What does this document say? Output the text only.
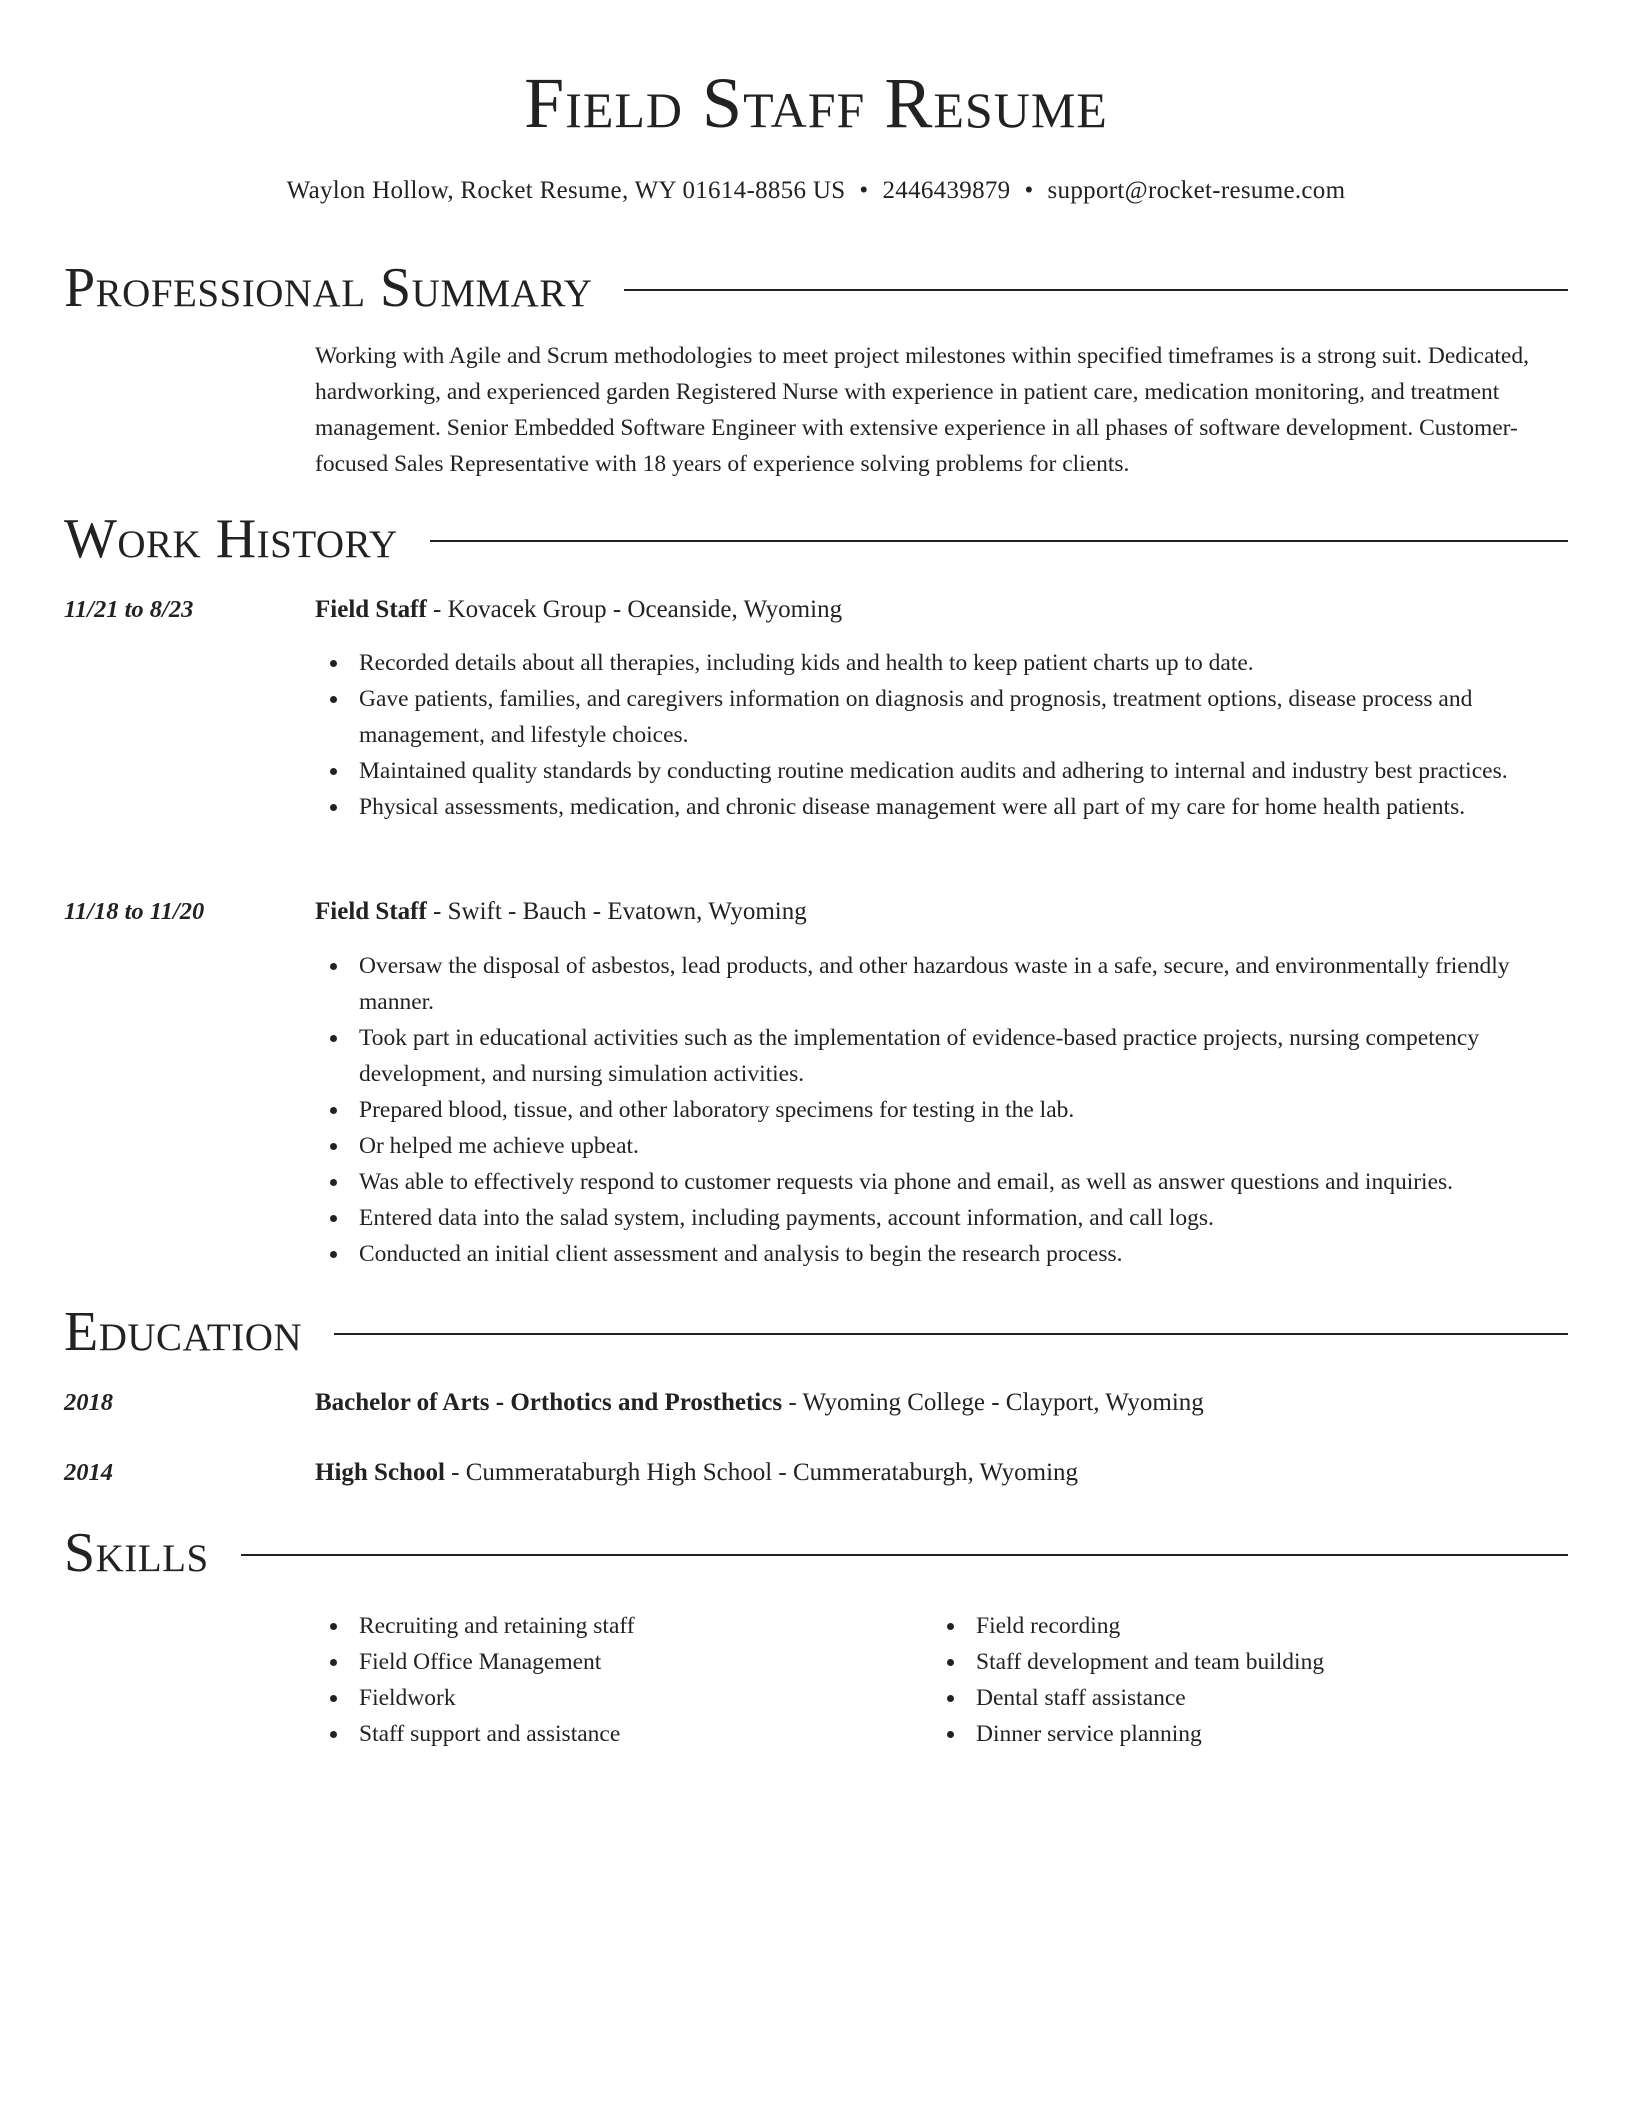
Field Staff Resume
Waylon Hollow, Rocket Resume, WY 01614-8856 US • 2446439879 • support@rocket-resume.com
Professional Summary

Working with Agile and Scrum methodologies to meet project milestones within specified timeframes is a strong suit. Dedicated, hardworking, and experienced garden Registered Nurse with experience in patient care, medication monitoring, and treatment management. Senior Embedded Software Engineer with extensive experience in all phases of software development. Customer-focused Sales Representative with 18 years of experience solving problems for clients.

Work History
11/21 to 8/23	Field Staff - Kovacek Group - Oceanside, Wyoming
Recorded details about all therapies, including kids and health to keep patient charts up to date.
Gave patients, families, and caregivers information on diagnosis and prognosis, treatment options, disease process and management, and lifestyle choices.
Maintained quality standards by conducting routine medication audits and adhering to internal and industry best practices.
Physical assessments, medication, and chronic disease management were all part of my care for home health patients.
11/18 to 11/20	Field Staff - Swift - Bauch - Evatown, Wyoming
Oversaw the disposal of asbestos, lead products, and other hazardous waste in a safe, secure, and environmentally friendly manner.
Took part in educational activities such as the implementation of evidence-based practice projects, nursing competency development, and nursing simulation activities.
Prepared blood, tissue, and other laboratory specimens for testing in the lab.
Or helped me achieve upbeat.
Was able to effectively respond to customer requests via phone and email, as well as answer questions and inquiries.
Entered data into the salad system, including payments, account information, and call logs.
Conducted an initial client assessment and analysis to begin the research process.
Education
2018	Bachelor of Arts - Orthotics and Prosthetics - Wyoming College - Clayport, Wyoming
2014	High School - Cummerataburgh High School - Cummerataburgh, Wyoming
Skills
Recruiting and retaining staff
Field Office Management
Fieldwork
Staff support and assistance
Field recording
Staff development and team building
Dental staff assistance
Dinner service planning
